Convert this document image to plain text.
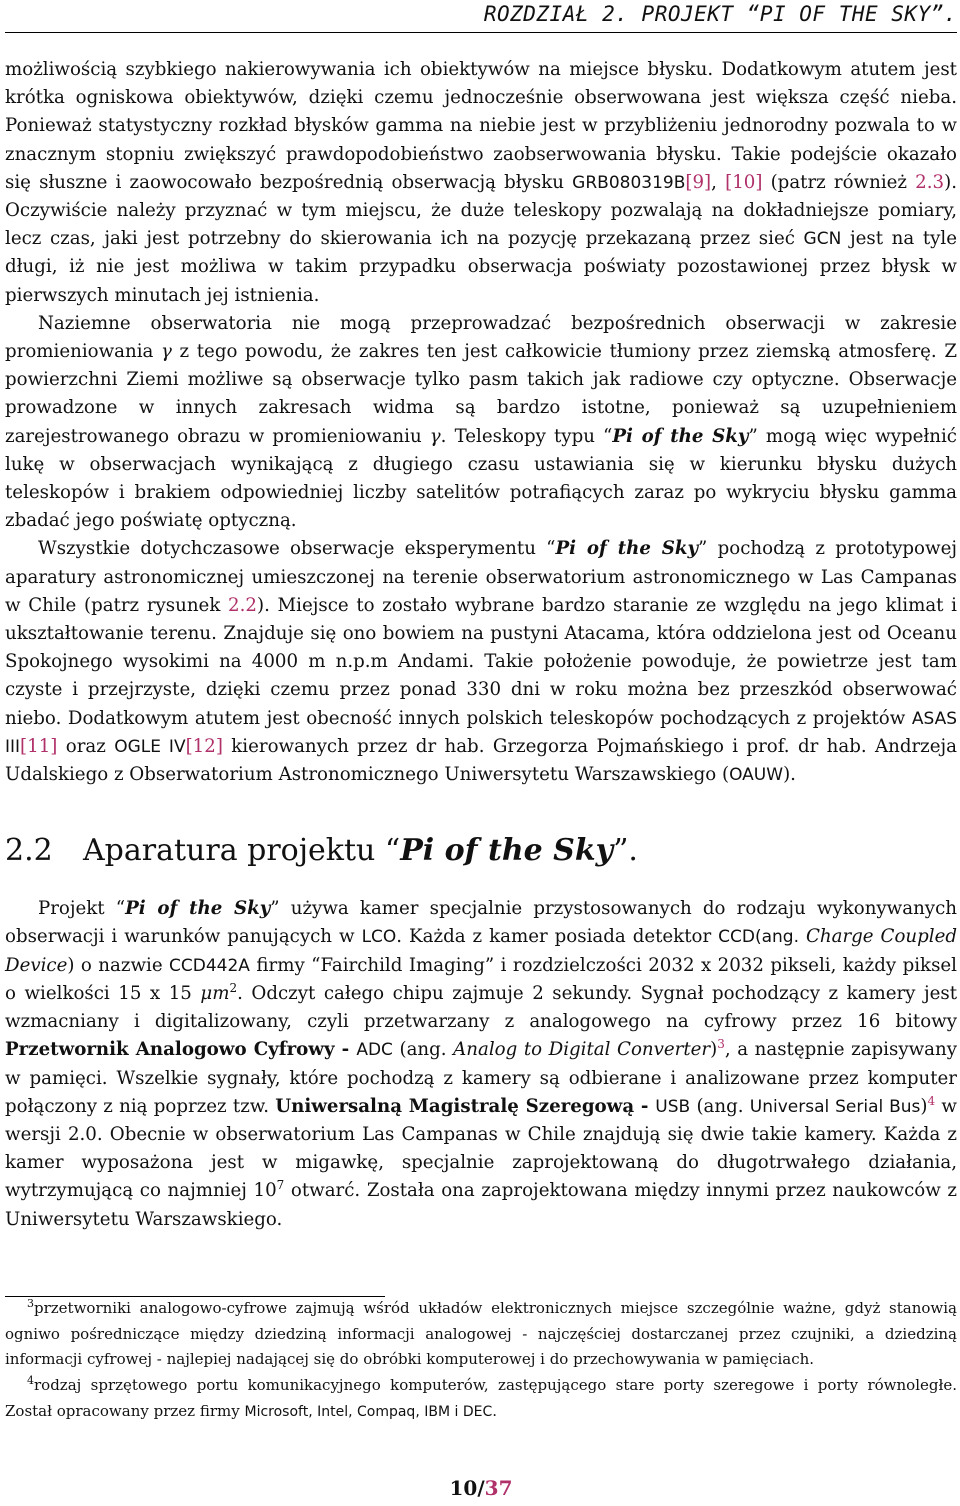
ROZDZIAŁ 2. PROJEKT “PI OF THE SKY”.

możliwością szybkiego nakierowywania ich obiektywów na miejsce błysku. Dodatkowym atutem jest krótka ogniskowa obiektywów, dzięki czemu jednocześnie obserwowana jest większa część nieba. Ponieważ statystyczny rozkład błysków gamma na niebie jest w przybliżeniu jednorodny pozwala to w znacznym stopniu zwiększyć prawdopodobieństwo zaobserwowania błysku. Takie podejście okazało się słuszne i zaowocowało bezpośrednią obserwacją błysku GRB080319B[9], [10] (patrz również 2.3). Oczywiście należy przyznać w tym miejscu, że duże teleskopy pozwalają na dokładniejsze pomiary, lecz czas, jaki jest potrzebny do skierowania ich na pozycję przekazaną przez sieć GCN jest na tyle długi, iż nie jest możliwa w takim przypadku obserwacja poświaty pozostawionej przez błysk w pierwszych minutach jej istnienia.

Naziemne obserwatoria nie mogą przeprowadzać bezpośrednich obserwacji w zakresie promieniowania γ z tego powodu, że zakres ten jest całkowicie tłumiony przez ziemską atmosferę. Z powierzchni Ziemi możliwe są obserwacje tylko pasm takich jak radiowe czy optyczne. Obserwacje prowadzone w innych zakresach widma są bardzo istotne, ponieważ są uzupełnieniem zarejestrowanego obrazu w promieniowaniu γ. Teleskopy typu “Pi of the Sky” mogą więc wypełnić lukę w obserwacjach wynikającą z długiego czasu ustawiania się w kierunku błysku dużych teleskopów i brakiem odpowiedniej liczby satelitów potrafiących zaraz po wykryciu błysku gamma zbadać jego poświatę optyczną.

Wszystkie dotychczasowe obserwacje eksperymentu “Pi of the Sky” pochodzą z prototypowej aparatury astronomicznej umieszczonej na terenie obserwatorium astronomicznego w Las Campanas w Chile (patrz rysunek 2.2). Miejsce to zostało wybrane bardzo staranie ze względu na jego klimat i ukształtowanie terenu. Znajduje się ono bowiem na pustyni Atacama, która oddzielona jest od Oceanu Spokojnego wysokimi na 4000 m n.p.m Andami. Takie położenie powoduje, że powietrze jest tam czyste i przejrzyste, dzięki czemu przez ponad 330 dni w roku można bez przeszkód obserwować niebo. Dodatkowym atutem jest obecność innych polskich teleskopów pochodzących z projektów ASAS III[11] oraz OGLE IV[12] kierowanych przez dr hab. Grzegorza Pojmańskiego i prof. dr hab. Andrzeja Udalskiego z Obserwatorium Astronomicznego Uniwersytetu Warszawskiego (OAUW).

2.2 Aparatura projektu “Pi of the Sky”.

Projekt “Pi of the Sky” używa kamer specjalnie przystosowanych do rodzaju wykonywanych obserwacji i warunków panujących w LCO. Każda z kamer posiada detektor CCD(ang. Charge Coupled Device) o nazwie CCD442A firmy “Fairchild Imaging” i rozdzielczości 2032 x 2032 pikseli, każdy piksel o wielkości 15 x 15 $\mu m^2$. Odczyt całego chipu zajmuje 2 sekundy. Sygnał pochodzący z kamery jest wzmacniany i digitalizowany, czyli przetwarzany z analogowego na cyfrowy przez 16 bitowy Przetwornik Analogowo Cyfrowy - ADC (ang. Analog to Digital Converter)$^3$, a następnie zapisywany w pamięci. Wszelkie sygnały, które pochodzą z kamery są odbierane i analizowane przez komputer połączony z nią poprzez tzw. Uniwersalną Magistralę Szeregową - USB (ang. Universal Serial Bus)$^4$ w wersji 2.0. Obecnie w obserwatorium Las Campanas w Chile znajdują się dwie takie kamery. Każda z kamer wyposażona jest w migawkę, specjalnie zaprojektowaną do długotrwałego działania, wytrzymującą co najmniej $10^7$ otwarć. Została ona zaprojektowana między innymi przez naukowców z Uniwersytetu Warszawskiego.

$^3$przetworniki analogowo-cyfrowe zajmują wśród układów elektronicznych miejsce szczególnie ważne, gdyż stanowią ogniwo pośredniczące między dziedziną informacji analogowej - najczęściej dostarczanej przez czujniki, a dziedziną informacji cyfrowej - najlepiej nadającej się do obróbki komputerowej i do przechowywania w pamięciach.

$^4$rodzaj sprzętowego portu komunikacyjnego komputerów, zastępującego stare porty szeregowe i porty równoległe. Został opracowany przez firmy Microsoft, Intel, Compaq, IBM i DEC.

10/37
